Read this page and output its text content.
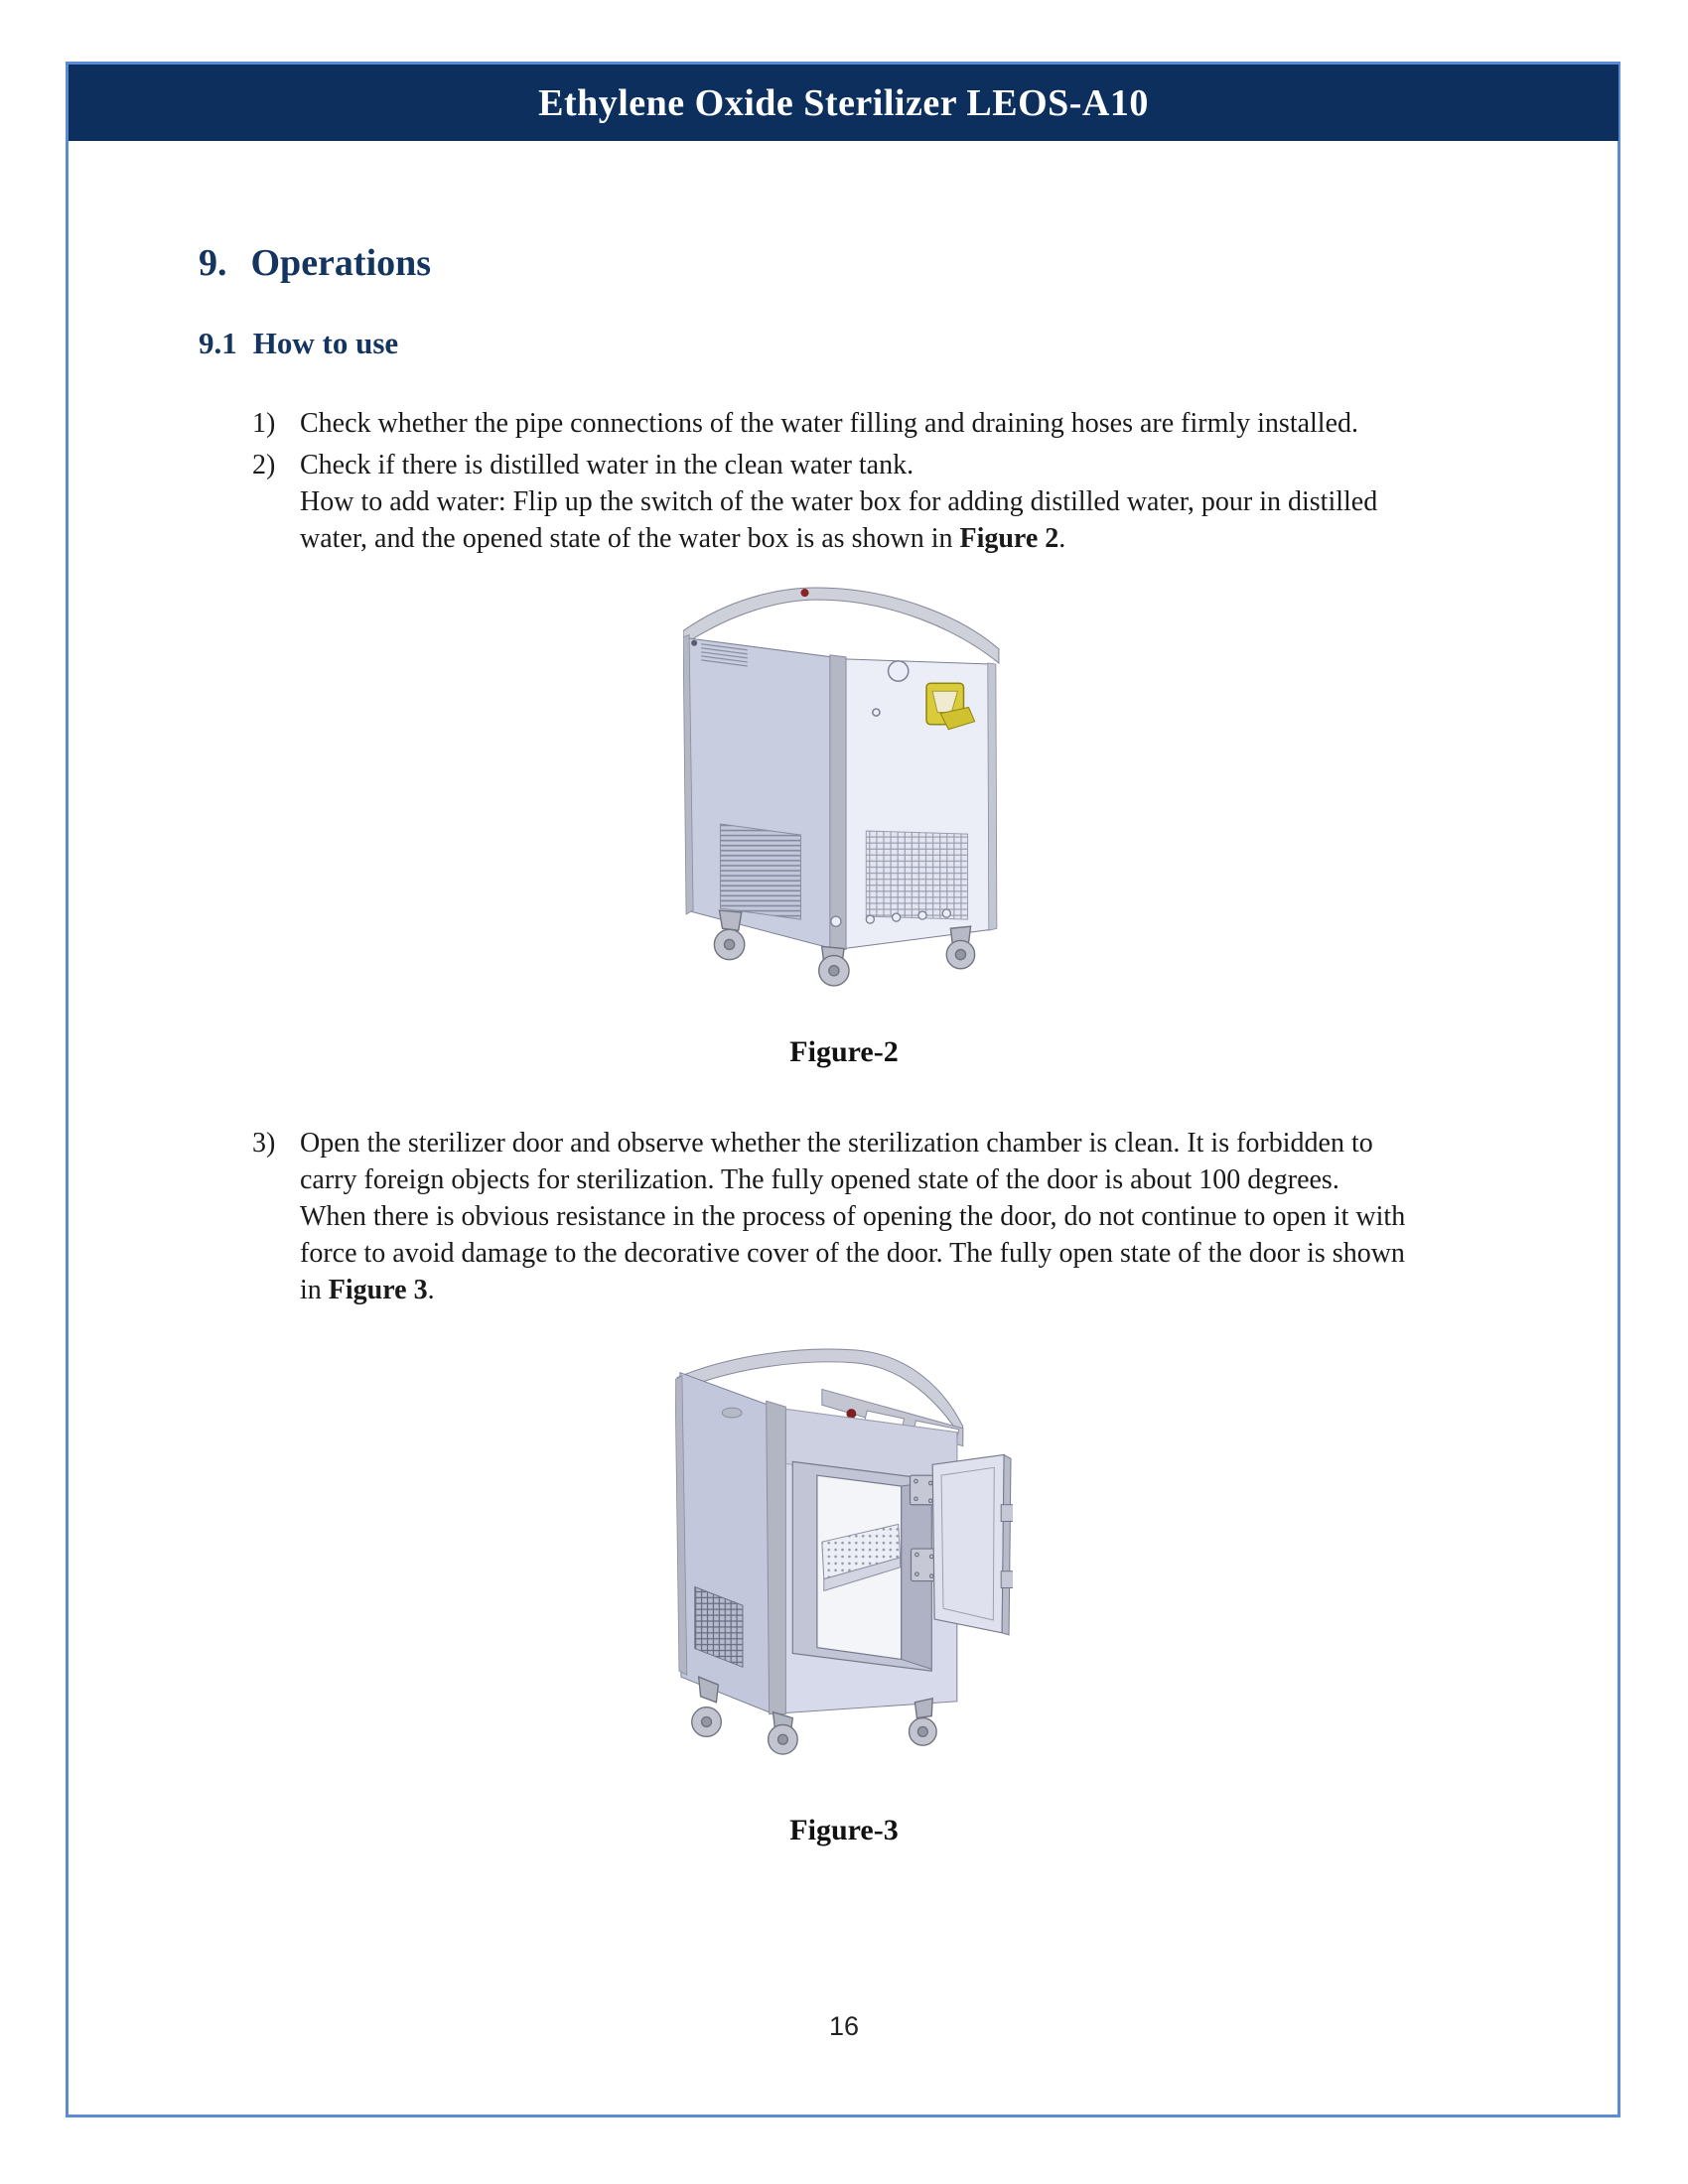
Ethylene Oxide Sterilizer LEOS-A10
9. Operations
9.1 How to use
1) Check whether the pipe connections of the water filling and draining hoses are firmly installed.

2) Check if there is distilled water in the clean water tank.

How to add water: Flip up the switch of the water box for adding distilled water, pour in distilled water, and the opened state of the water box is as shown in Figure 2.

Figure-2
3) Open the sterilizer door and observe whether the sterilization chamber is clean. It is forbidden to carry foreign objects for sterilization. The fully opened state of the door is about 100 degrees. When there is obvious resistance in the process of opening the door, do not continue to open it with force to avoid damage to the decorative cover of the door. The fully open state of the door is shown in Figure 3.

Figure-3
16
